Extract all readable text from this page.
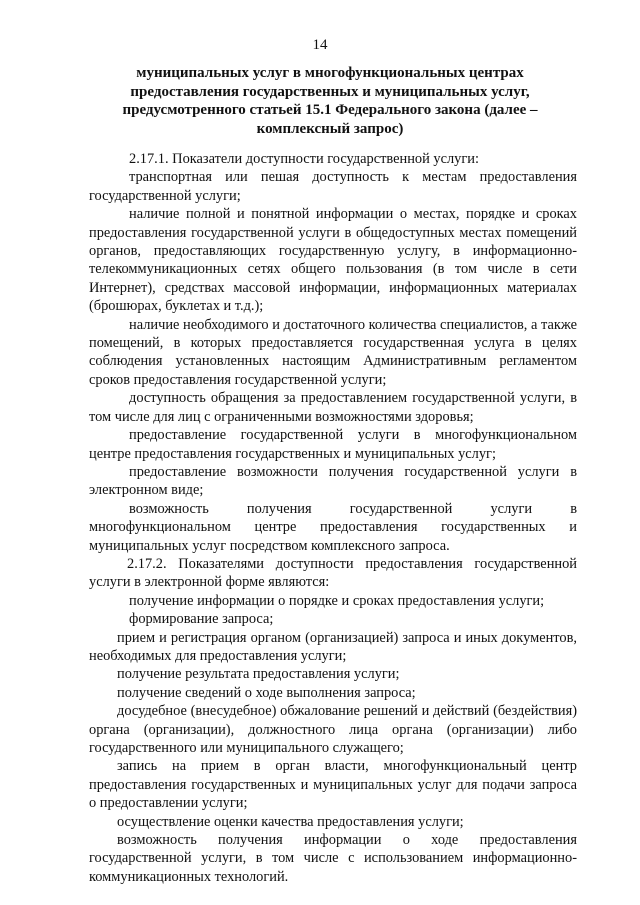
14
муниципальных услуг в многофункциональных центрах предоставления государственных и муниципальных услуг, предусмотренного статьей 15.1 Федерального закона (далее – комплексный запрос)

2.17.1. Показатели доступности государственной услуги:

транспортная или пешая доступность к местам предоставления государственной услуги;

наличие полной и понятной информации о местах, порядке и сроках предоставления государственной услуги в общедоступных местах помещений органов, предоставляющих государственную услугу, в информационно-телекоммуникационных сетях общего пользования (в том числе в сети Интернет), средствах массовой информации, информационных материалах (брошюрах, буклетах и т.д.);

наличие необходимого и достаточного количества специалистов, а также помещений, в которых предоставляется государственная услуга в целях соблюдения установленных настоящим Административным регламентом сроков предоставления государственной услуги;

доступность обращения за предоставлением государственной услуги, в том числе для лиц с ограниченными возможностями здоровья;

предоставление государственной услуги в многофункциональном центре предоставления государственных и муниципальных услуг;

предоставление возможности получения государственной услуги в электронном виде;

возможность получения государственной услуги в многофункциональном центре предоставления государственных и муниципальных услуг посредством комплексного запроса.

2.17.2. Показателями доступности предоставления государственной услуги в электронной форме являются:

получение информации о порядке и сроках предоставления услуги;

формирование запроса;

прием и регистрация органом (организацией) запроса и иных документов, необходимых для предоставления услуги;

получение результата предоставления услуги;

получение сведений о ходе выполнения запроса;

досудебное (внесудебное) обжалование решений и действий (бездействия) органа (организации), должностного лица органа (организации) либо государственного или муниципального служащего;

запись на прием в орган власти, многофункциональный центр предоставления государственных и муниципальных услуг для подачи запроса о предоставлении услуги;

осуществление оценки качества предоставления услуги;

возможность получения информации о ходе предоставления государственной услуги, в том числе с использованием информационно-коммуникационных технологий.
